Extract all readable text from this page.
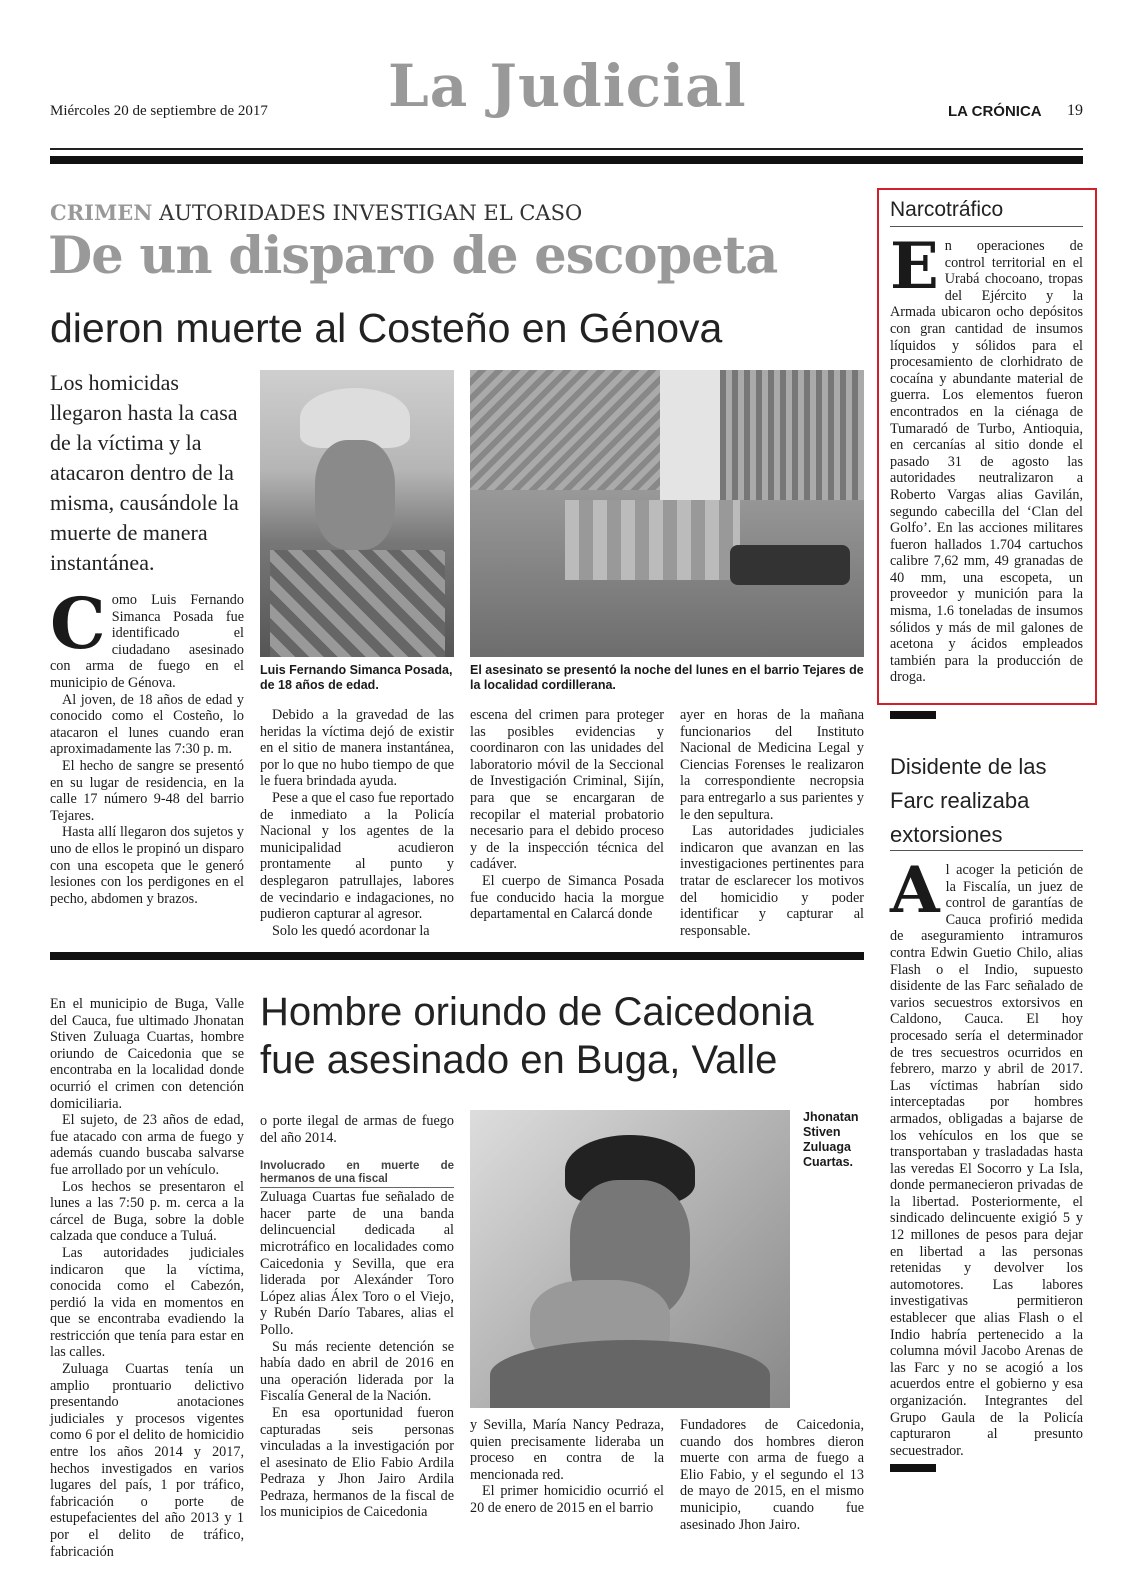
Miércoles 20 de septiembre de 2017 La Judicial	LA CRÓNICA 19
CRIMEN AUTORIDADES INVESTIGAN EL CASO
De un disparo de escopeta
dieron muerte al Costeño en Génova
Los homicidas llegaron hasta la casa de la víctima y la atacaron dentro de la misma, causándole la muerte de manera instantánea.
Luis Fernando Simanca Posada, de 18 años de edad.
El asesinato se presentó la noche del lunes en el barrio Tejares de la localidad cordillerana.
C omo Luis Fernando Simanca Posada fue identificado el ciudadano asesinado con arma de fuego en el municipio de Génova.

Al joven, de 18 años de edad y conocido como el Costeño, lo atacaron el lunes cuando eran aproximadamente las 7:30 p. m.

El hecho de sangre se presentó en su lugar de residencia, en la calle 17 número 9-48 del barrio Tejares.

Hasta allí llegaron dos sujetos y uno de ellos le propinó un disparo con una escopeta que le generó lesiones con los perdigones en el pecho, abdomen y brazos.

Debido a la gravedad de las heridas la víctima dejó de existir en el sitio de manera instantánea, por lo que no hubo tiempo de que le fuera brindada ayuda.

Pese a que el caso fue reportado de inmediato a la Policía Nacional y los agentes de la municipalidad acudieron prontamente al punto y desplegaron patrullajes, labores de vecindario e indagaciones, no pudieron capturar al agresor.

Solo les quedó acordonar la

escena del crimen para proteger las posibles evidencias y coordinaron con las unidades del laboratorio móvil de la Seccional de Investigación Criminal, Sijín, para que se encargaran de recopilar el material probatorio necesario para el debido proceso y de la inspección técnica del cadáver.

El cuerpo de Simanca Posada fue conducido hacia la morgue departamental en Calarcá donde

ayer en horas de la mañana funcionarios del Instituto Nacional de Medicina Legal y Ciencias Forenses le realizaron la correspondiente necropsia para entregarlo a sus parientes y le den sepultura.

Las autoridades judiciales indicaron que avanzan en las investigaciones pertinentes para tratar de esclarecer los motivos del homicidio y poder identificar y capturar al responsable.

Narcotráfico
E n operaciones de control territorial en el Urabá chocoano, tropas del Ejército y la Armada ubicaron ocho depósitos con gran cantidad de insumos líquidos y sólidos para el procesamiento de clorhidrato de cocaína y abundante material de guerra. Los elementos fueron encontrados en la ciénaga de Tumaradó de Turbo, Antioquia, en cercanías al sitio donde el pasado 31 de agosto las autoridades neutralizaron a Roberto Vargas alias Gavilán, segundo cabecilla del ‘Clan del Golfo’. En las acciones militares fueron hallados 1.704 cartuchos calibre 7,62 mm, 49 granadas de 40 mm, una escopeta, un proveedor y munición para la misma, 1.6 toneladas de insumos sólidos y más de mil galones de acetona y ácidos empleados también para la producción de droga.

Disidente de las Farc realizaba extorsiones
A l acoger la petición de la Fiscalía, un juez de control de garantías de Cauca profirió medida de aseguramiento intramuros contra Edwin Guetio Chilo, alias Flash o el Indio, supuesto disidente de las Farc señalado de varios secuestros extorsivos en Caldono, Cauca. El hoy procesado sería el determinador de tres secuestros ocurridos en febrero, marzo y abril de 2017. Las víctimas habrían sido interceptadas por hombres armados, obligadas a bajarse de los vehículos en los que se transportaban y trasladadas hasta las veredas El Socorro y La Isla, donde permanecieron privadas de la libertad. Posteriormente, el sindicado delincuente exigió 5 y 12 millones de pesos para dejar en libertad a las personas retenidas y devolver los automotores. Las labores investigativas permitieron establecer que alias Flash o el Indio habría pertenecido a la columna móvil Jacobo Arenas de las Farc y no se acogió a los acuerdos entre el gobierno y esa organización. Integrantes del Grupo Gaula de la Policía capturaron al presunto secuestrador.

Hombre oriundo de Caicedonia
fue asesinado en Buga, Valle

En el municipio de Buga, Valle del Cauca, fue ultimado Jhonatan Stiven Zuluaga Cuartas, hombre oriundo de Caicedonia que se encontraba en la localidad donde ocurrió el crimen con detención domiciliaria.

El sujeto, de 23 años de edad, fue atacado con arma de fuego y además cuando buscaba salvarse fue arrollado por un vehículo.

Los hechos se presentaron el lunes a las 7:50 p. m. cerca a la cárcel de Buga, sobre la doble calzada que conduce a Tuluá.

Las autoridades judiciales indicaron que la víctima, conocida como el Cabezón, perdió la vida en momentos en que se encontraba evadiendo la restricción que tenía para estar en las calles.

Zuluaga Cuartas tenía un amplio prontuario delictivo presentando anotaciones judiciales y procesos vigentes como 6 por el delito de homicidio entre los años 2014 y 2017, hechos investigados en varios lugares del país, 1 por tráfico, fabricación o porte de estupefacientes del año 2013 y 1 por el delito de tráfico, fabricación

o porte ilegal de armas de fuego del año 2014.

Involucrado en muerte de hermanos de una fiscal

Zuluaga Cuartas fue señalado de hacer parte de una banda delincuencial dedicada al microtráfico en localidades como Caicedonia y Sevilla, que era liderada por Alexánder Toro López alias Álex Toro o el Viejo, y Rubén Darío Tabares, alias el Pollo.

Su más reciente detención se había dado en abril de 2016 en una operación liderada por la Fiscalía General de la Nación.

En esa oportunidad fueron capturadas seis personas vinculadas a la investigación por el asesinato de Elio Fabio Ardila Pedraza y Jhon Jairo Ardila Pedraza, hermanos de la fiscal de los municipios de Caicedonia

Jhonatan Stiven Zuluaga Cuartas.

y Sevilla, María Nancy Pedraza, quien precisamente lideraba un proceso en contra de la mencionada red.

El primer homicidio ocurrió el 20 de enero de 2015 en el barrio

Fundadores de Caicedonia, cuando dos hombres dieron muerte con arma de fuego a Elio Fabio, y el segundo el 13 de mayo de 2015, en el mismo municipio, cuando fue asesinado Jhon Jairo.
